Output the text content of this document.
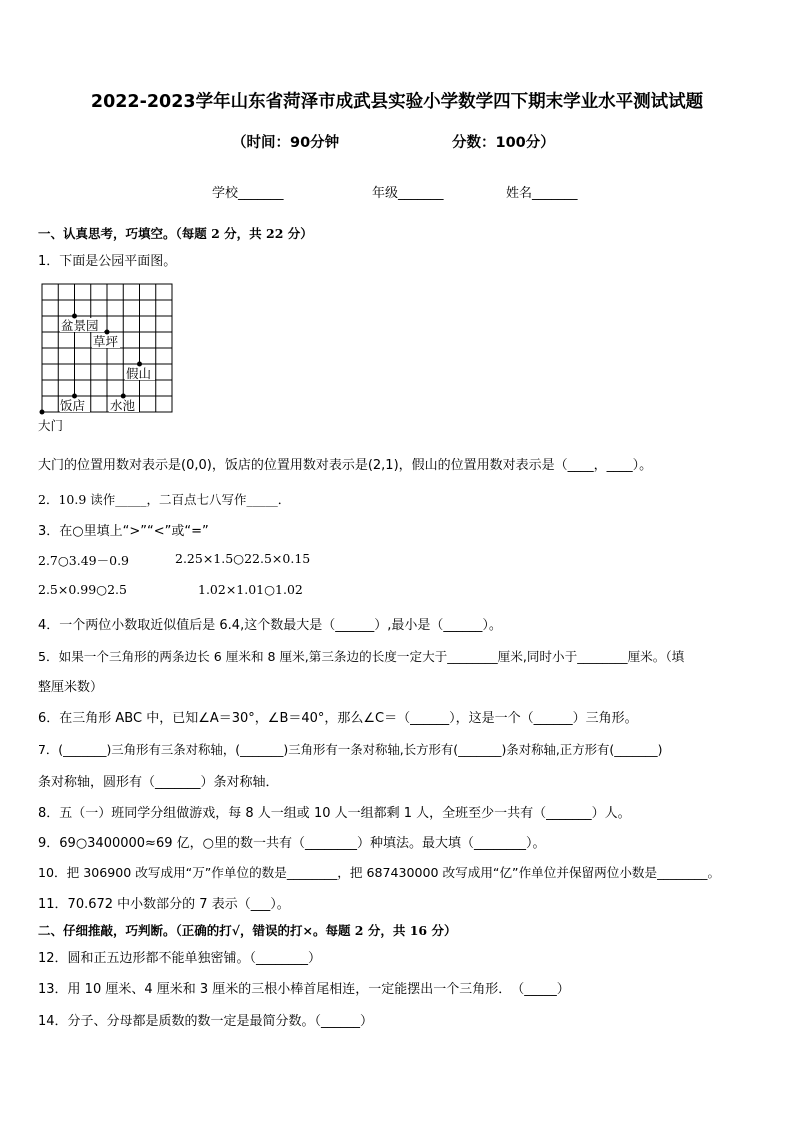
2022-2023学年山东省菏泽市成武县实验小学数学四下期末学业水平测试试题
（时间：90分钟	分数：100分）
学校_______	年级_______	姓名_______
一、认真思考，巧填空。（每题 2 分，共 22 分）
1．下面是公园平面图。
盆景园
草坪
假山
饭店 水池
大门
大门的位置用数对表示是(0,0)，饭店的位置用数对表示是(2,1)，假山的位置用数对表示是（____，____）。
2．10.9 读作_____，二百点七八写作_____．
3．在○里填上“>”“<”或“=”
2.7○3.49－0.9	2.25×1.5○22.5×0.15
2.5×0.99○2.5	1.02×1.01○1.02
4．一个两位小数取近似值后是 6.4,这个数最大是（______）,最小是（______）。
5．如果一个三角形的两条边长 6 厘米和 8 厘米,第三条边的长度一定大于________厘米,同时小于________厘米。（填
整厘米数）
6．在三角形 ABC 中，已知∠A＝30°，∠B＝40°，那么∠C＝（______），这是一个（______）三角形。
7．(_______)三角形有三条对称轴，(_______)三角形有一条对称轴,长方形有(_______)条对称轴,正方形有(_______)
条对称轴，圆形有（_______）条对称轴．
8．五（一）班同学分组做游戏，每 8 人一组或 10 人一组都剩 1 人，全班至少一共有（_______）人。
9．69○3400000≈69 亿，○里的数一共有（________）种填法。最大填（________）。
10．把 306900 改写成用“万”作单位的数是________，把 687430000 改写成用“亿”作单位并保留两位小数是________。
11．70.672 中小数部分的 7 表示（___）。
二、仔细推敲，巧判断。（正确的打√，错误的打×。每题 2 分，共 16 分）
12．圆和正五边形都不能单独密铺。（________）
13．用 10 厘米、4 厘米和 3 厘米的三根小棒首尾相连，一定能摆出一个三角形．　（_____）
14．分子、分母都是质数的数一定是最简分数。（______）
